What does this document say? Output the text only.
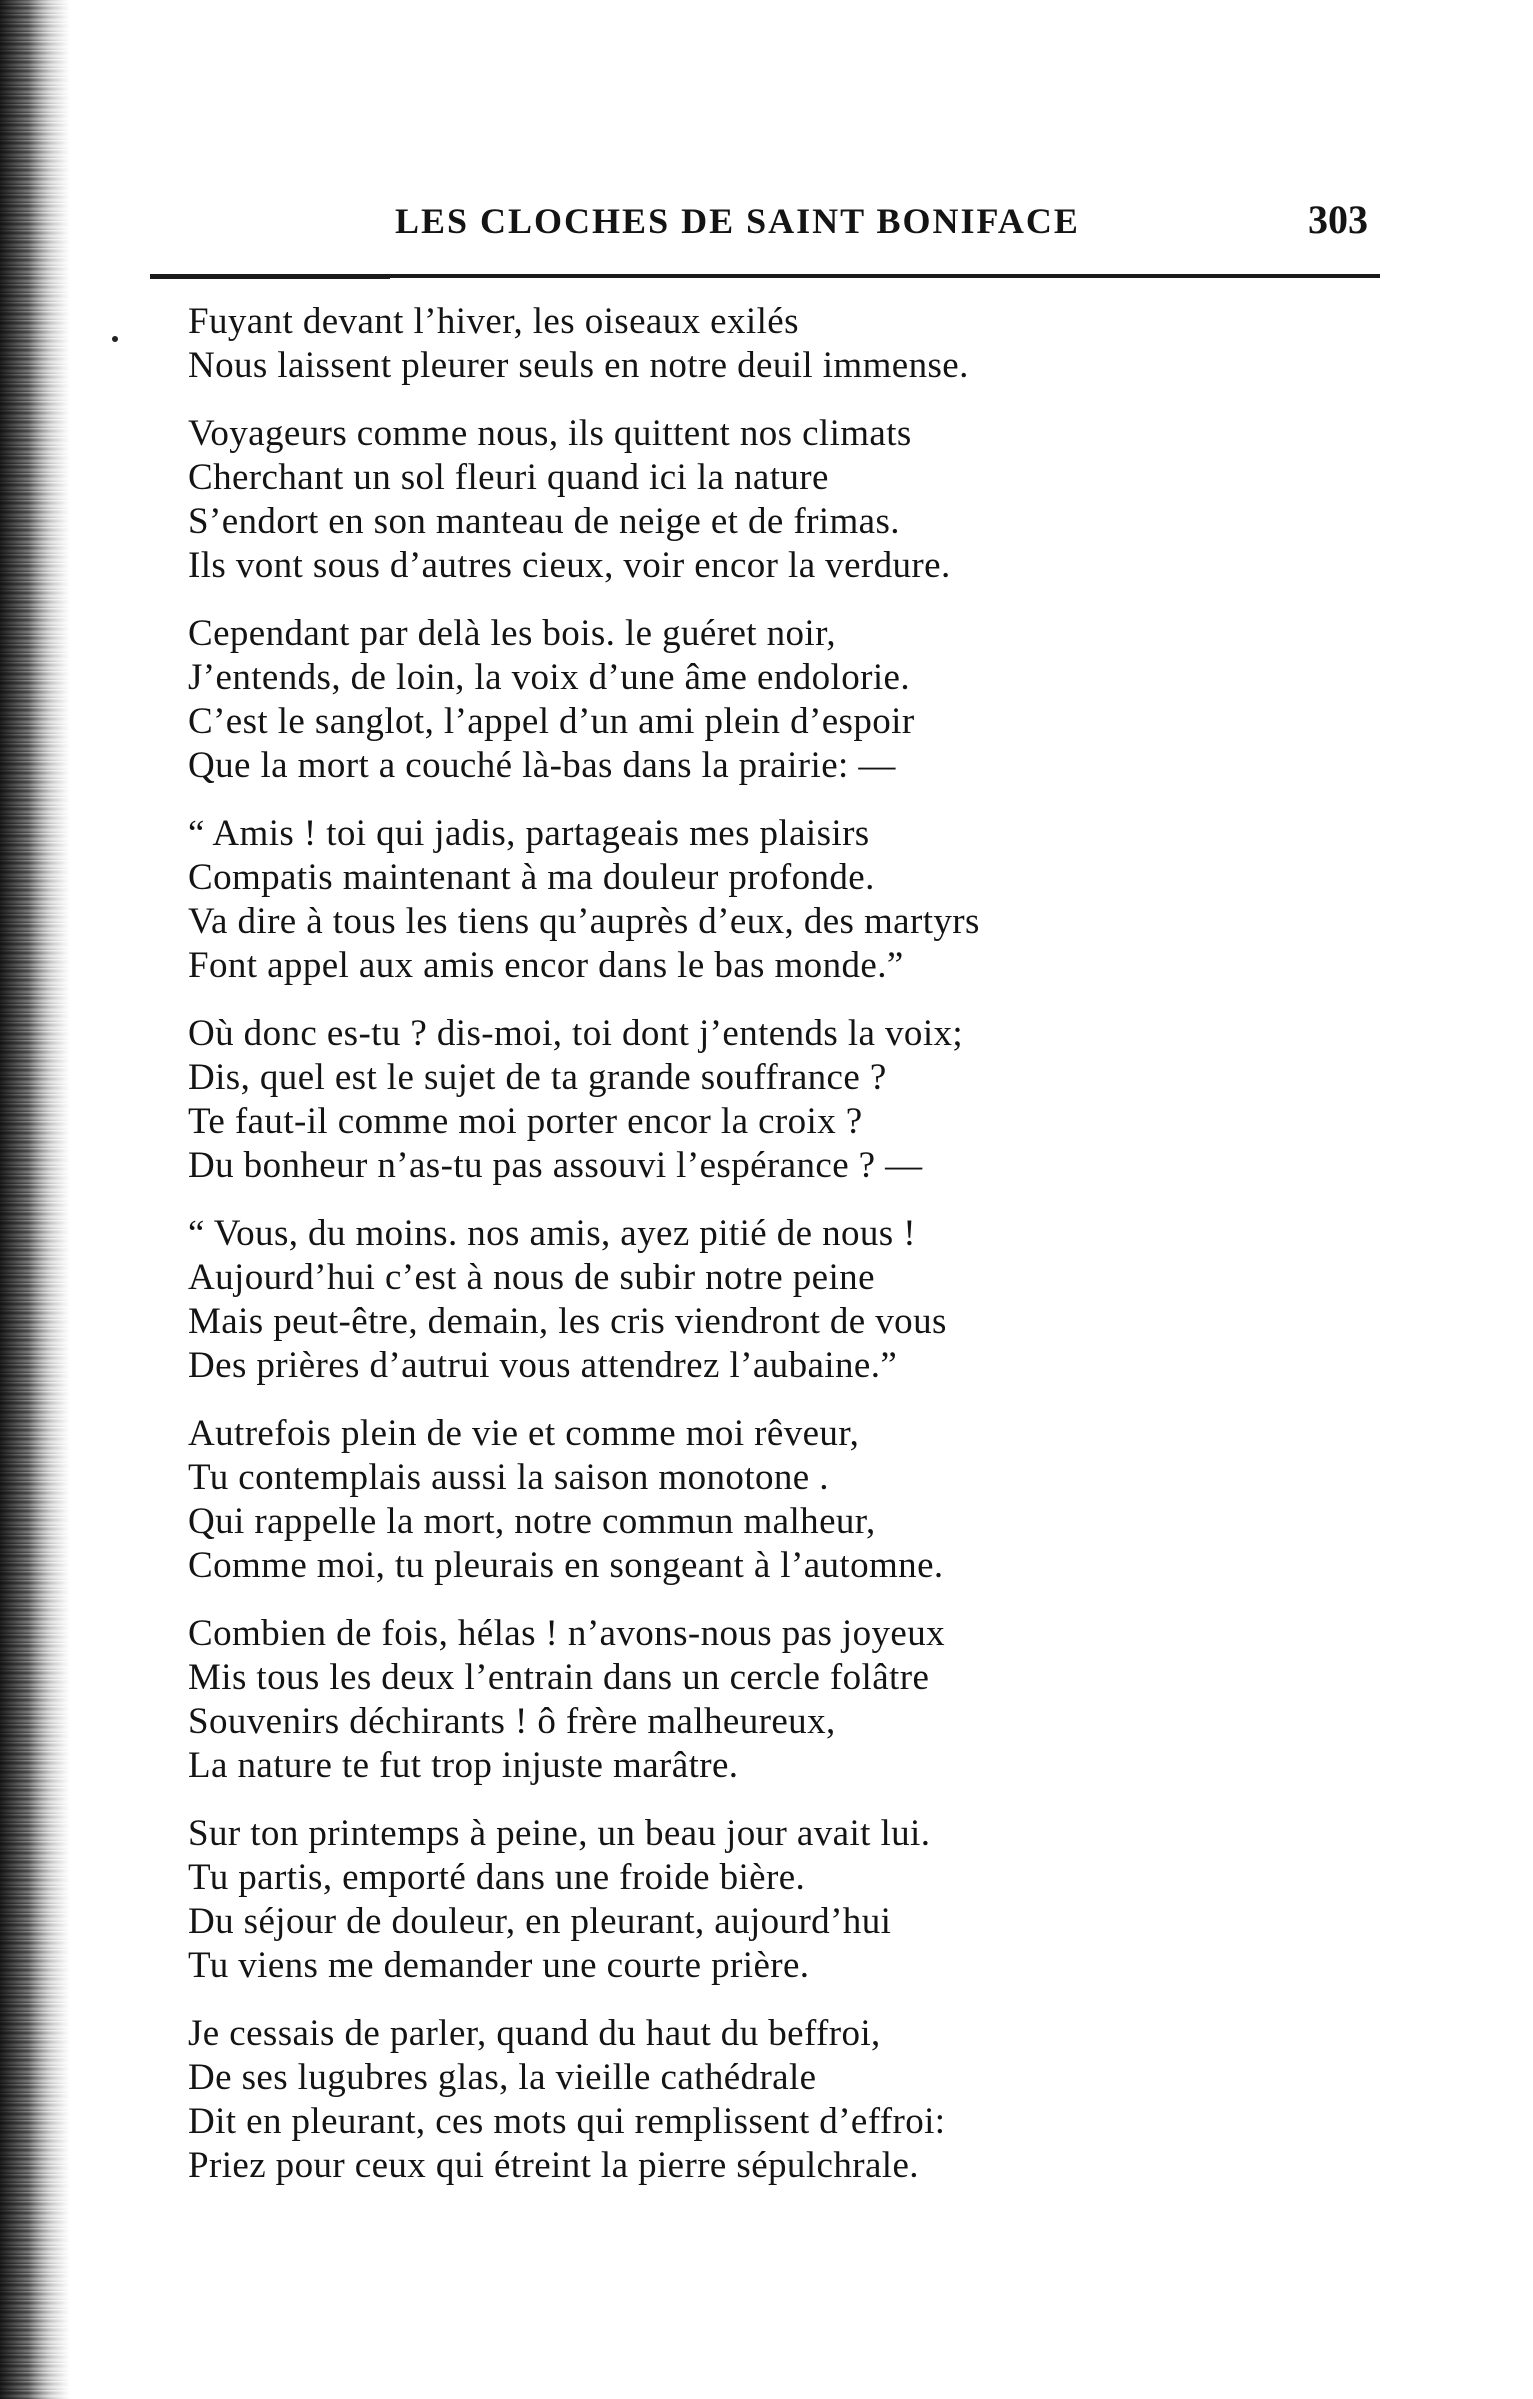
LES CLOCHES DE SAINT BONIFACE	303
Fuyant devant l’hiver, les oiseaux exilés
Nous laissent pleurer seuls en notre deuil immense.
Voyageurs comme nous, ils quittent nos climats
Cherchant un sol fleuri quand ici la nature
S’endort en son manteau de neige et de frimas.
Ils vont sous d’autres cieux, voir encor la verdure.
Cependant par delà les bois. le guéret noir,
J’entends, de loin, la voix d’une âme endolorie.
C’est le sanglot, l’appel d’un ami plein d’espoir
Que la mort a couché là-bas dans la prairie: —
“ Amis ! toi qui jadis, partageais mes plaisirs
Compatis maintenant à ma douleur profonde.
Va dire à tous les tiens qu’auprès d’eux, des martyrs
Font appel aux amis encor dans le bas monde.”
Où donc es-tu ? dis-moi, toi dont j’entends la voix;
Dis, quel est le sujet de ta grande souffrance ?
Te faut-il comme moi porter encor la croix ?
Du bonheur n’as-tu pas assouvi l’espérance ? —
“ Vous, du moins. nos amis, ayez pitié de nous !
Aujourd’hui c’est à nous de subir notre peine
Mais peut-être, demain, les cris viendront de vous
Des prières d’autrui vous attendrez l’aubaine.”
Autrefois plein de vie et comme moi rêveur,
Tu contemplais aussi la saison monotone .
Qui rappelle la mort, notre commun malheur,
Comme moi, tu pleurais en songeant à l’automne.
Combien de fois, hélas ! n’avons-nous pas joyeux
Mis tous les deux l’entrain dans un cercle folâtre
Souvenirs déchirants ! ô frère malheureux,
La nature te fut trop injuste marâtre.
Sur ton printemps à peine, un beau jour avait lui.
Tu partis, emporté dans une froide bière.
Du séjour de douleur, en pleurant, aujourd’hui
Tu viens me demander une courte prière.
Je cessais de parler, quand du haut du beffroi,
De ses lugubres glas, la vieille cathédrale
Dit en pleurant, ces mots qui remplissent d’effroi:
Priez pour ceux qui étreint la pierre sépulchrale.
